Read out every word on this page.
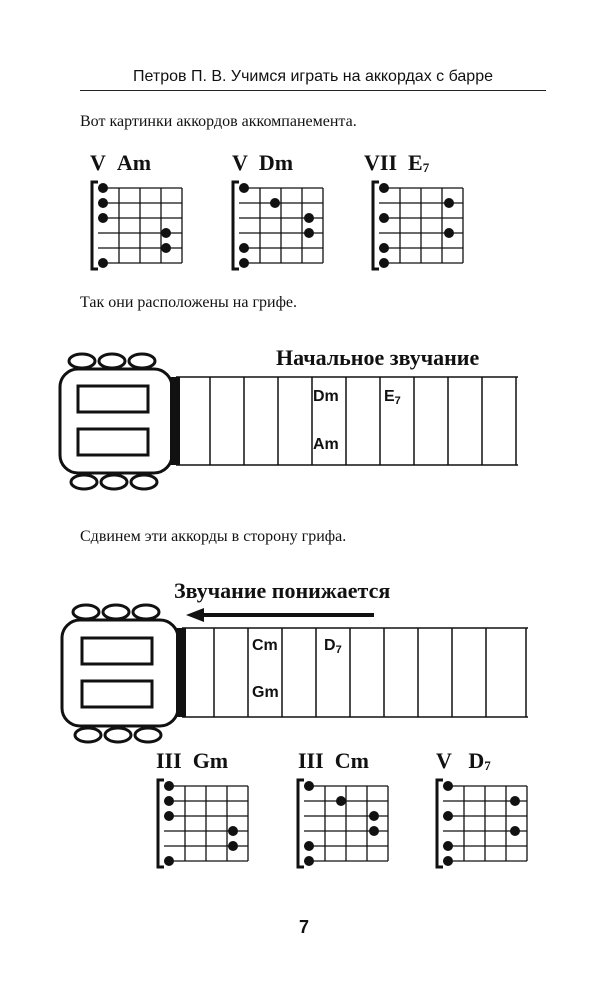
Петров П. В. Учимся играть на аккордах с барре
Вот картинки аккордов аккомпанемента.
V Am	V Dm	VII $E_7$
Так они расположены на грифе.
Начальное звучание
Dm	$E_7$
Am
Сдвинем эти аккорды в сторону грифа.
Звучание понижается
Cm	$D_7$
Gm
III Gm	III Cm	V $D_7$
7
